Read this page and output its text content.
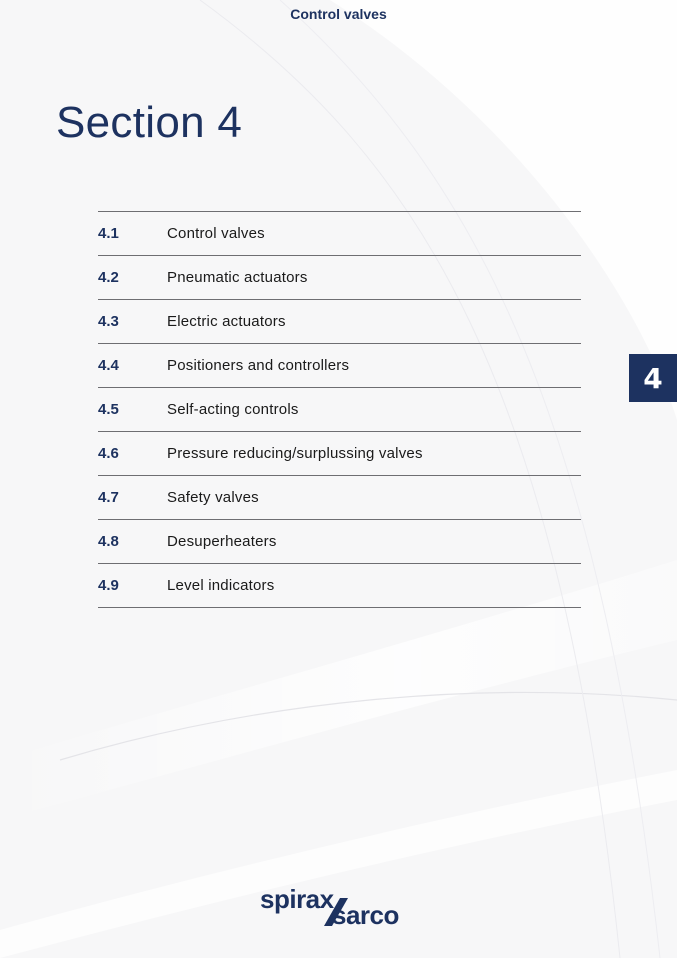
Control valves
Section 4
4.1	Control valves
4.2	Pneumatic actuators
4.3	Electric actuators
4.4	Positioners and controllers
4.5	Self-acting controls
4.6	Pressure reducing/surplussing valves
4.7	Safety valves
4.8	Desuperheaters
4.9	Level indicators
4
spirax
sarco
